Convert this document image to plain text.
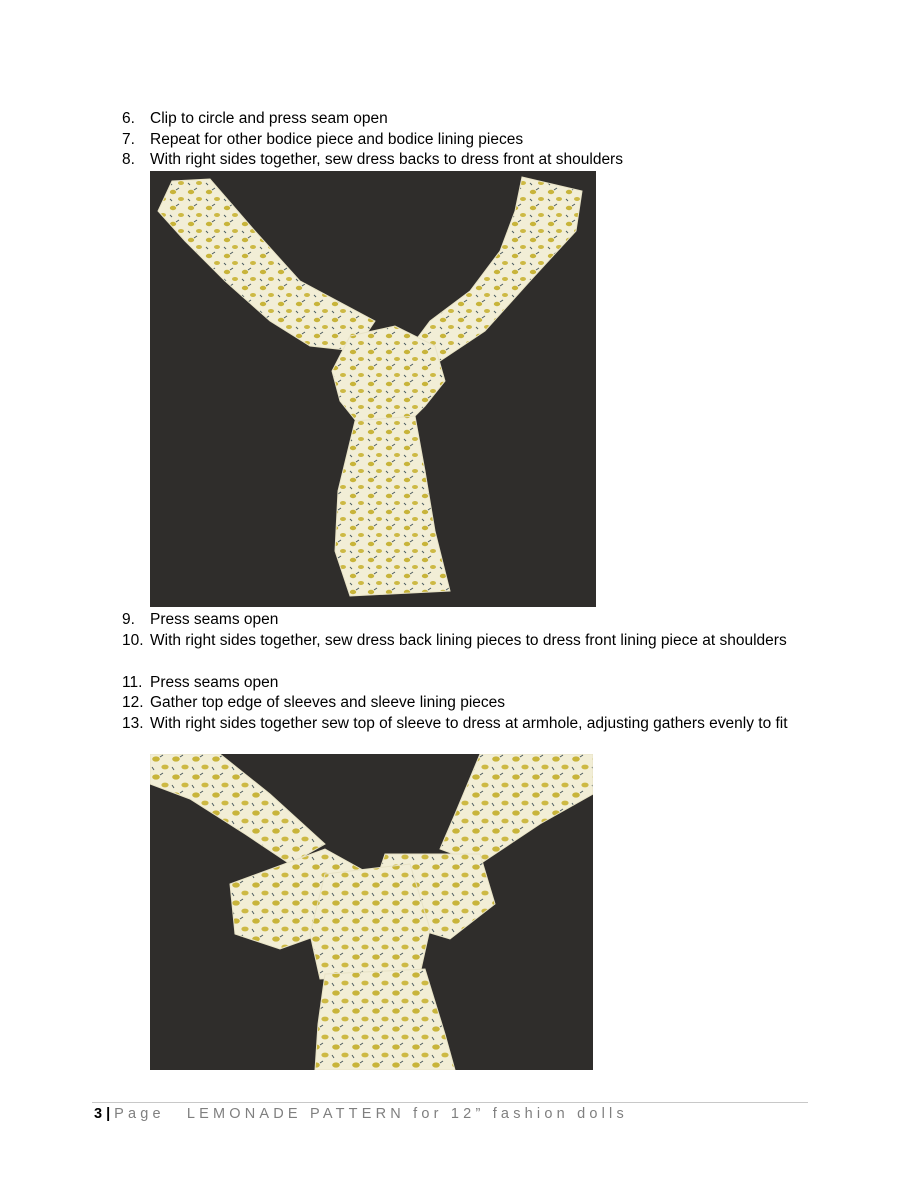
6. Clip to circle and press seam open
7. Repeat for other bodice piece and bodice lining pieces
8. With right sides together, sew dress backs to dress front at shoulders
9. Press seams open
10. With right sides together, sew dress back lining pieces to dress front lining piece at shoulders
11. Press seams open
12. Gather top edge of sleeves and sleeve lining pieces
13. With right sides together sew top of sleeve to dress at armhole, adjusting gathers evenly to fit
3 | Page LEMONADE PATTERN for 12” fashion dolls
